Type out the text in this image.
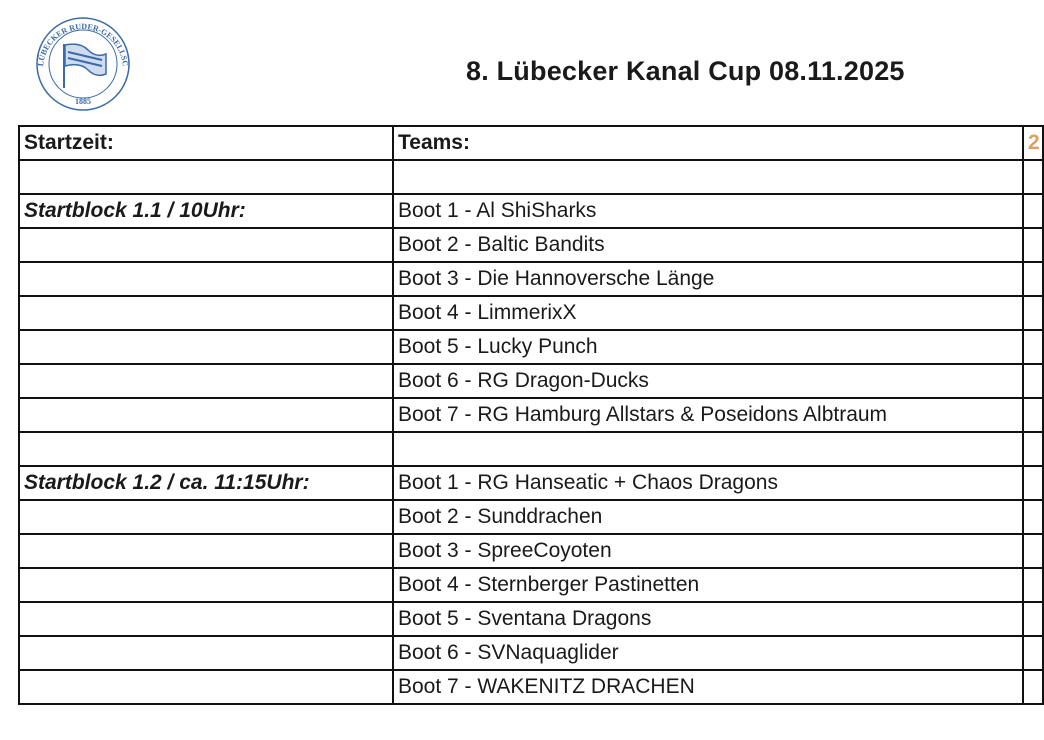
LÜBECKER RUDER-GESELLSC
1885
8. Lübecker Kanal Cup 08.11.2025
Startzeit:	Teams:	2

Startblock 1.1 / 10Uhr:	Boot 1 - Al ShiSharks	
	Boot 2 - Baltic Bandits	
	Boot 3 - Die Hannoversche Länge	
	Boot 4 - LimmerixX	
	Boot 5 - Lucky Punch	
	Boot 6 - RG Dragon-Ducks	
	Boot 7 - RG Hamburg Allstars & Poseidons Albtraum	

Startblock 1.2 / ca. 11:15Uhr:	Boot 1 - RG Hanseatic + Chaos Dragons	
	Boot 2 - Sunddrachen	
	Boot 3 - SpreeCoyoten	
	Boot 4 - Sternberger Pastinetten	
	Boot 5 - Sventana Dragons	
	Boot 6 - SVNaquaglider	
	Boot 7 - WAKENITZ DRACHEN	
